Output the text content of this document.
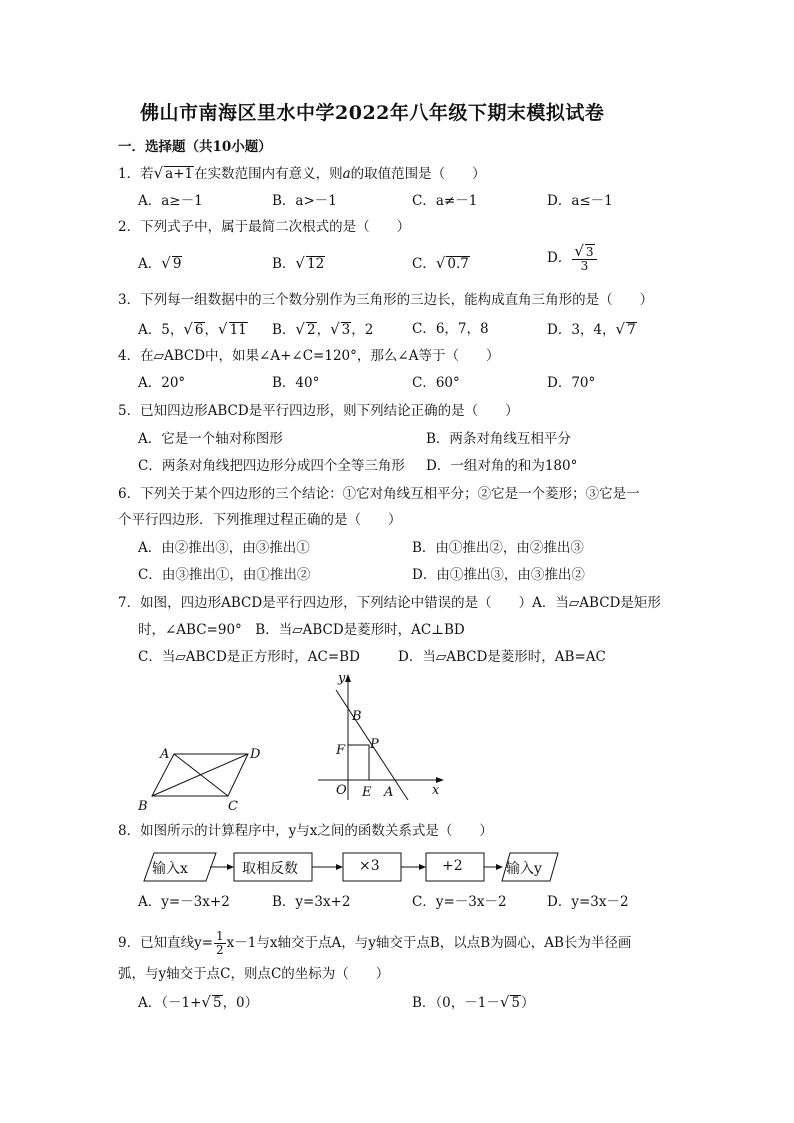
佛山市南海区里水中学2022年八年级下期末模拟试卷
一．选择题（共10小题）
1．若√ a+1在实数范围内有意义，则a的取值范围是（　　）
A．a≥－1	B．a>－1	C．a≠－1	D．a≤－1
2．下列式子中，属于最简二次根式的是（　　）
A．√ 9	B．√ 12	C．√ 0.7	D． $\frac{√ 3}{3}$
3．下列每一组数据中的三个数分别作为三角形的三边长，能构成直角三角形的是（　　）
A．5，√ 6，√ 11 B．√ 2，√ 3，2	C．6，7，8	D．3，4，√ 7
4．在▱ABCD中，如果∠A+∠C=120°，那么∠A等于（　　）
A．20°	B．40°	C．60°	D．70°
5．已知四边形ABCD是平行四边形，则下列结论正确的是（　　）
A．它是一个轴对称图形	B．两条对角线互相平分
C．两条对角线把四边形分成四个全等三角形 D．一组对角的和为180°
6．下列关于某个四边形的三个结论：①它对角线互相平分；②它是一个菱形；③它是一
个平行四边形．下列推理过程正确的是（　　）
A．由②推出③，由③推出①	B．由①推出②，由②推出③
C．由③推出①，由①推出②	D．由①推出③，由③推出②
7．如图，四边形ABCD是平行四边形，下列结论中错误的是（　　）A．当▱ABCD是矩形
时，∠ABC=90°　B．当▱ABCD是菱形时，AC⊥BD
C．当▱ABCD是正方形时，AC=BD	D．当▱ABCD是菱形时，AB=AC
A
B	C
D
y
B
F P
O E A	x
8．如图所示的计算程序中，y与x之间的函数关系式是（　　）
输入x	取相反数	×3	+2	输入y
A．y=－3x+2	B．y=3x+2	C．y=－3x－2	D．y=3x－2
9．已知直线$y= \frac{1}{2} x-1$与x轴交于点A，与y轴交于点B，以点B为圆心，AB长为半径画
弧，与y轴交于点C，则点C的坐标为（　　）
A．（－1+√ 5，0）	B．（0，－1－√ 5）
